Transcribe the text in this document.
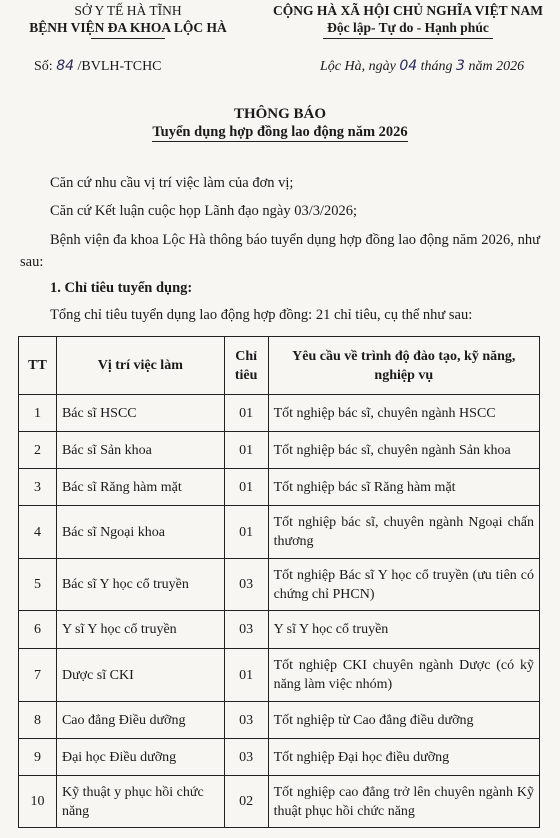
SỞ Y TẾ HÀ TĨNH
BỆNH VIỆN ĐA KHOA LỘC HÀ
CỘNG HÀ XÃ HỘI CHỦ NGHĨA VIỆT NAM
Độc lập- Tự do - Hạnh phúc
Số: 84 /BVLH-TCHC	Lộc Hà, ngày 04 tháng 3 năm 2026
THÔNG BÁO
Tuyển dụng hợp đồng lao động năm 2026
Căn cứ nhu cầu vị trí việc làm của đơn vị;
Căn cứ Kết luận cuộc họp Lãnh đạo ngày 03/3/2026;
Bệnh viện đa khoa Lộc Hà thông báo tuyển dụng hợp đồng lao động năm 2026, như sau:
1. Chỉ tiêu tuyển dụng:
Tổng chỉ tiêu tuyển dụng lao động hợp đồng: 21 chỉ tiêu, cụ thể như sau:
TT	Vị trí việc làm	Chỉ tiêu	Yêu cầu về trình độ đào tạo, kỹ năng, nghiệp vụ
1	Bác sĩ HSCC	01	Tốt nghiệp bác sĩ, chuyên ngành HSCC
2	Bác sĩ Sản khoa	01	Tốt nghiệp bác sĩ, chuyên ngành Sản khoa
3	Bác sĩ Răng hàm mặt	01	Tốt nghiệp bác sĩ Răng hàm mặt
4	Bác sĩ Ngoại khoa	01	Tốt nghiệp bác sĩ, chuyên ngành Ngoại chấn thương
5	Bác sĩ Y học cổ truyền	03	Tốt nghiệp Bác sĩ Y học cổ truyền (ưu tiên có chứng chỉ PHCN)
6	Y sĩ Y học cổ truyền	03	Y sĩ Y học cổ truyền
7	Dược sĩ CKI	01	Tốt nghiệp CKI chuyên ngành Dược (có kỹ năng làm việc nhóm)
8	Cao đẳng Điều dưỡng	03	Tốt nghiệp từ Cao đẳng điều dưỡng
9	Đại học Điều dưỡng	03	Tốt nghiệp Đại học điều dưỡng
10	Kỹ thuật y phục hồi chức năng	02	Tốt nghiệp cao đẳng trở lên chuyên ngành Kỹ thuật phục hồi chức năng
